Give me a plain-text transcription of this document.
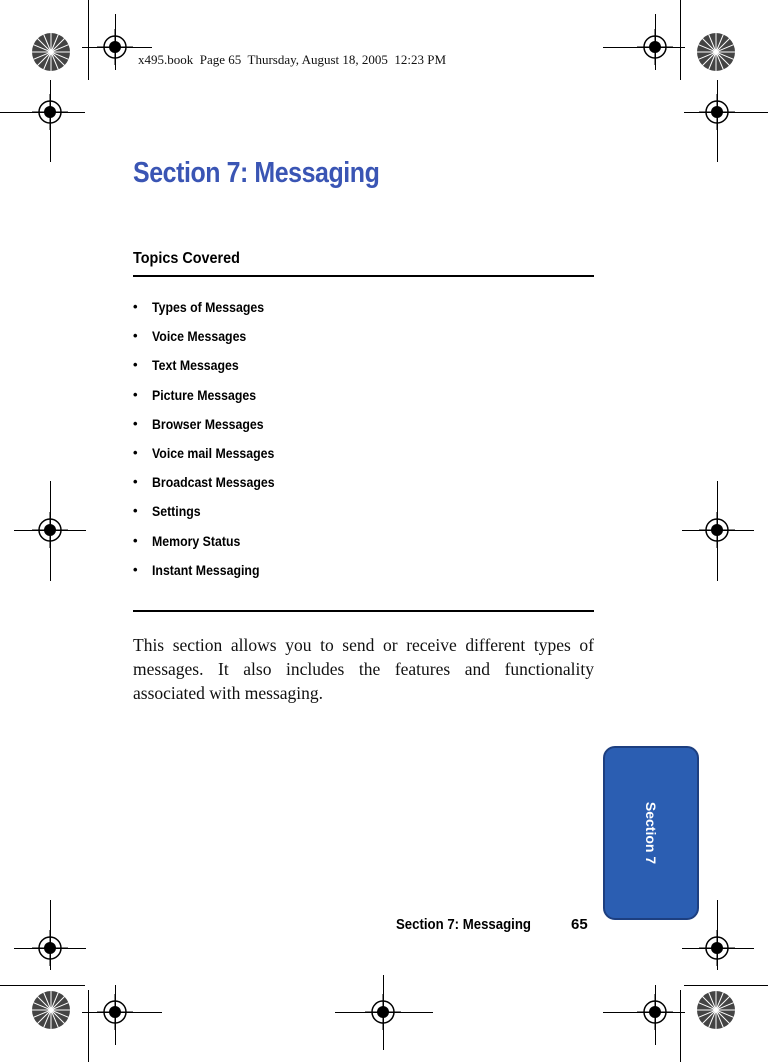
x495.book  Page 65  Thursday, August 18, 2005  12:23 PM
Section 7: Messaging
Topics Covered
•	Types of Messages
•	Voice Messages
•	Text Messages
•	Picture Messages
•	Browser Messages
•	Voice mail Messages
•	Broadcast Messages
•	Settings
•	Memory Status
•	Instant Messaging

This section allows you to send or receive different types of messages. It also includes the features and functionality associated with messaging.

Section 7
Section 7: Messaging	65
